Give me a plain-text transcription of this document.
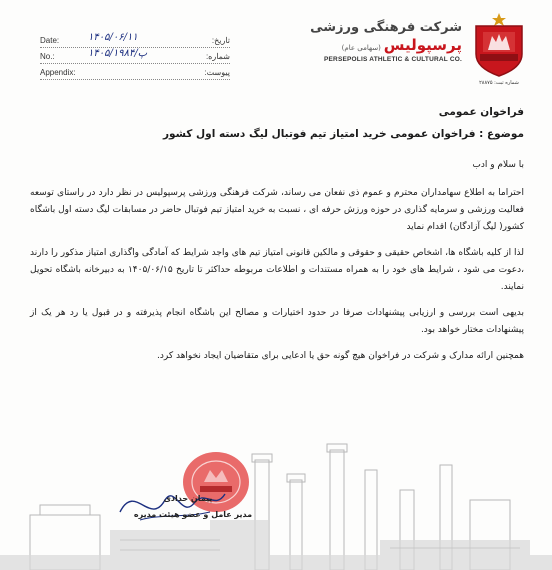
Date:	۱۴۰۵/۰۶/۱۱	تاریخ:
No.:	۱۴۰۵/پ/۱۹۸۴	شماره:
Appendix:	پیوست:
شرکت فرهنگی ورزشی
پرسپولیس(سهامی عام)
PERSEPOLIS ATHLETIC & CULTURAL CO.
شماره ثبت: ۲۸۸۷۵
فراخوان عمومی
موضوع : فراخوان عمومی خرید امتیاز تیم فوتبال لیگ دسته اول کشور
با سلام و ادب

احتراما به اطلاع سهامداران محترم و عموم ذی نفعان می رساند، شرکت فرهنگی ورزشی پرسپولیس در نظر دارد در راستای توسعه فعالیت ورزشی و سرمایه گذاری در حوزه ورزش حرفه ای ، نسبت به خرید امتیاز تیم فوتبال حاضر در مسابقات لیگ دسته اول باشگاه کشور( لیگ آزادگان) اقدام نماید

لذا از کلیه باشگاه ها، اشخاص حقیقی و حقوقی و مالکین قانونی امتیاز تیم های واجد شرایط که آمادگی واگذاری امتیاز مذکور را دارند ،دعوت می شود ، شرایط های خود را به همراه مستندات و اطلاعات مربوطه حداکثر تا تاریخ ۱۴۰۵/۰۶/۱۵ به دبیرخانه باشگاه تحویل نمایند.

بدیهی است بررسی و ارزیابی پیشنهادات صرفا در حدود اختیارات و مصالح این باشگاه انجام پذیرفته و در قبول یا رد هر یک از پیشنهادات مختار خواهد بود.

همچنین ارائه مدارک و شرکت در فراخوان هیچ گونه حق یا ادعایی برای متقاضیان ایجاد نخواهد کرد.

پیمان حدادی
مدیر عامل و عضو هیئت مدیره
